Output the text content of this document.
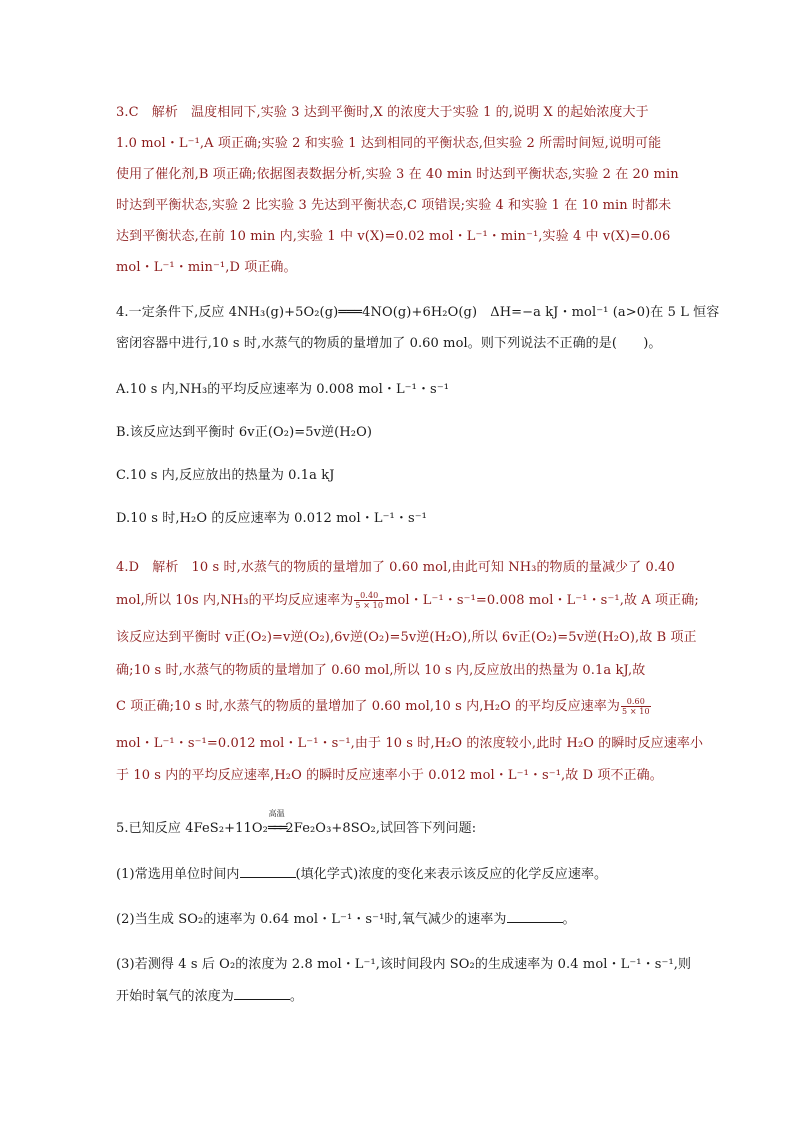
3.C　解析　温度相同下,实验 3 达到平衡时,X 的浓度大于实验 1 的,说明 X 的起始浓度大于
1.0 mol・L⁻¹,A 项正确;实验 2 和实验 1 达到相同的平衡状态,但实验 2 所需时间短,说明可能
使用了催化剂,B 项正确;依据图表数据分析,实验 3 在 40 min 时达到平衡状态,实验 2 在 20 min
时达到平衡状态,实验 2 比实验 3 先达到平衡状态,C 项错误;实验 4 和实验 1 在 10 min 时都未
达到平衡状态,在前 10 min 内,实验 1 中 v(X)=0.02 mol・L⁻¹・min⁻¹,实验 4 中 v(X)=0.06
mol・L⁻¹・min⁻¹,D 项正确。
4.一定条件下,反应 4NH₃(g)+5O₂(g)═══4NO(g)+6H₂O(g)　ΔH=−a kJ・mol⁻¹ (a>0)在 5 L 恒容
密闭容器中进行,10 s 时,水蒸气的物质的量增加了 0.60 mol。则下列说法不正确的是(　　)。
A.10 s 内,NH₃的平均反应速率为 0.008 mol・L⁻¹・s⁻¹
B.该反应达到平衡时 6v正(O₂)=5v逆(H₂O)
C.10 s 内,反应放出的热量为 0.1a kJ
D.10 s 时,H₂O 的反应速率为 0.012 mol・L⁻¹・s⁻¹
4.D　解析　10 s 时,水蒸气的物质的量增加了 0.60 mol,由此可知 NH₃的物质的量减少了 0.40
mol,所以 10s 内,NH₃的平均反应速率为 $\frac{0.40}{5 \times 10}$ mol・L⁻¹・s⁻¹=0.008 mol・L⁻¹・s⁻¹,故 A 项正确;
该反应达到平衡时 v正(O₂)=v逆(O₂),6v逆(O₂)=5v逆(H₂O),所以 6v正(O₂)=5v逆(H₂O),故 B 项正
确;10 s 时,水蒸气的物质的量增加了 0.60 mol,所以 10 s 内,反应放出的热量为 0.1a kJ,故
C 项正确;10 s 时,水蒸气的物质的量增加了 0.60 mol,10 s 内,H₂O 的平均反应速率为 $\frac{0.60}{5 \times 10}$
mol・L⁻¹・s⁻¹=0.012 mol・L⁻¹・s⁻¹,由于 10 s 时,H₂O 的浓度较小,此时 H₂O 的瞬时反应速率小
于 10 s 内的平均反应速率,H₂O 的瞬时反应速率小于 0.012 mol・L⁻¹・s⁻¹,故 D 项不正确。
5.已知反应 4FeS₂+11O₂
高温
═══2Fe₂O₃+8SO₂,试回答下列问题:
(1)常选用单位时间内	(填化学式)浓度的变化来表示该反应的化学反应速率。
(2)当生成 SO₂的速率为 0.64 mol・L⁻¹・s⁻¹时,氧气减少的速率为	。
(3)若测得 4 s 后 O₂的浓度为 2.8 mol・L⁻¹,该时间段内 SO₂的生成速率为 0.4 mol・L⁻¹・s⁻¹,则
开始时氧气的浓度为	。
